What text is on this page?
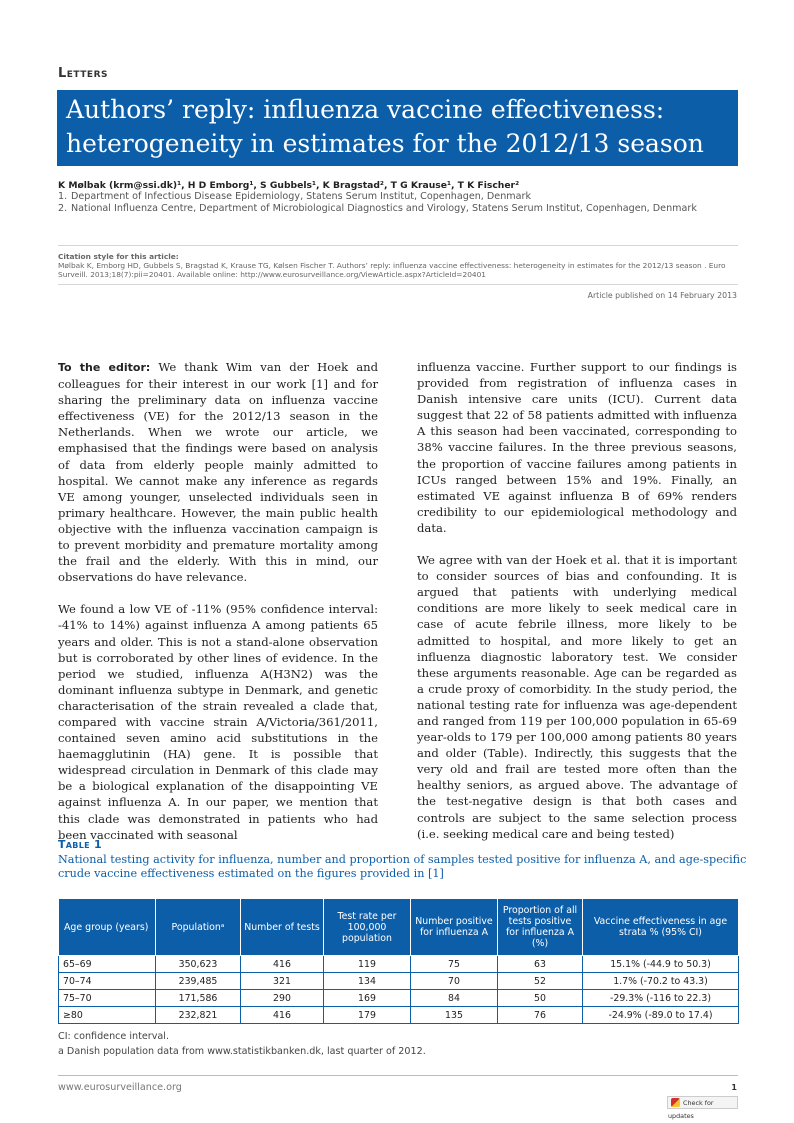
Letters
Authors’ reply: influenza vaccine effectiveness: heterogeneity in estimates for the 2012/13 season
K Mølbak (krm@ssi.dk)¹, H D Emborg¹, S Gubbels¹, K Bragstad², T G Krause¹, T K Fischer²
1. Department of Infectious Disease Epidemiology, Statens Serum Institut, Copenhagen, Denmark
2. National Influenza Centre, Department of Microbiological Diagnostics and Virology, Statens Serum Institut, Copenhagen, Denmark
Citation style for this article:
Mølbak K, Emborg HD, Gubbels S, Bragstad K, Krause TG, Kølsen Fischer T. Authors’ reply: influenza vaccine effectiveness: heterogeneity in estimates for the 2012/13 season . Euro Surveill. 2013;18(7):pii=20401. Available online: http://www.eurosurveillance.org/ViewArticle.aspx?ArticleId=20401
Article published on 14 February 2013

To the editor: We thank Wim van der Hoek and colleagues for their interest in our work [1] and for sharing the preliminary data on influenza vaccine effectiveness (VE) for the 2012/13 season in the Netherlands. When we wrote our article, we emphasised that the findings were based on analysis of data from elderly people mainly admitted to hospital. We cannot make any inference as regards VE among younger, unselected individuals seen in primary healthcare. However, the main public health objective with the influenza vaccination campaign is to prevent morbidity and premature mortality among the frail and the elderly. With this in mind, our observations do have relevance.

We found a low VE of -11% (95% confidence interval: -41% to 14%) against influenza A among patients 65 years and older. This is not a stand-alone observation but is corroborated by other lines of evidence. In the period we studied, influenza A(H3N2) was the dominant influenza subtype in Denmark, and genetic characterisation of the strain revealed a clade that, compared with vaccine strain A/Victoria/361/2011, contained seven amino acid substitutions in the haemagglutinin (HA) gene. It is possible that widespread circulation in Denmark of this clade may be a biological explanation of the disappointing VE against influenza A. In our paper, we mention that this clade was demonstrated in patients who had been vaccinated with seasonal

influenza vaccine. Further support to our findings is provided from registration of influenza cases in Danish intensive care units (ICU). Current data suggest that 22 of 58 patients admitted with influenza A this season had been vaccinated, corresponding to 38% vaccine failures. In the three previous seasons, the proportion of vaccine failures among patients in ICUs ranged between 15% and 19%. Finally, an estimated VE against influenza B of 69% renders credibility to our epidemiological methodology and data.

We agree with van der Hoek et al. that it is important to consider sources of bias and confounding. It is argued that patients with underlying medical conditions are more likely to seek medical care in case of acute febrile illness, more likely to be admitted to hospital, and more likely to get an influenza diagnostic laboratory test. We consider these arguments reasonable. Age can be regarded as a crude proxy of comorbidity. In the study period, the national testing rate for influenza was age-dependent and ranged from 119 per 100,000 population in 65-69 year-olds to 179 per 100,000 among patients 80 years and older (Table). Indirectly, this suggests that the very old and frail are tested more often than the healthy seniors, as argued above. The advantage of the test-negative design is that both cases and controls are subject to the same selection process (i.e. seeking medical care and being tested)

Table 1
National testing activity for influenza, number and proportion of samples tested positive for influenza A, and age-specific crude vaccine effectiveness estimated on the figures provided in [1]
Age group (years)	Populationᵃ	Number of tests	Test rate per 100,000 population	Number positive for influenza A	Proportion of all tests positive for influenza A (%)	Vaccine effectiveness in age strata % (95% CI)
65–69	350,623	416	119	75	63	15.1% (-44.9 to 50.3)
70–74	239,485	321	134	70	52	1.7% (-70.2 to 43.3)
75–70	171,586	290	169	84	50	-29.3% (-116 to 22.3)
≥80	232,821	416	179	135	76	-24.9% (-89.0 to 17.4)
CI: confidence interval.
a Danish population data from www.statistikbanken.dk, last quarter of 2012.
www.eurosurveillance.org	1
Check for updates
